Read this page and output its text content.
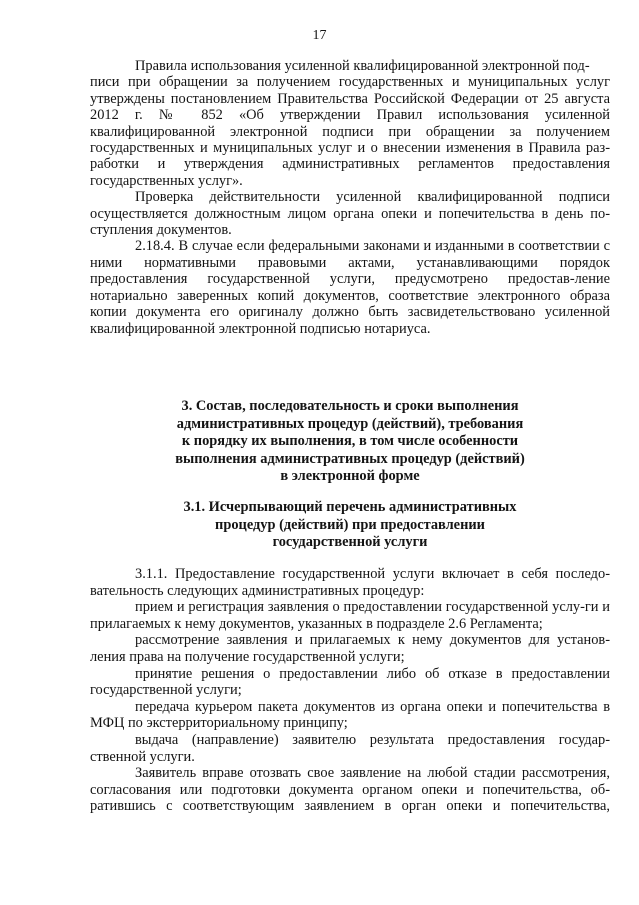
17

Правила использования усиленной квалифицированной электронной под-

писи при обращении за получением государственных и муниципальных услуг утверждены постановлением Правительства Российской Федерации от 25 августа 2012 г. № 852 «Об утверждении Правил использования усиленной квалифицированной электронной подписи при обращении за получением государственных и муниципальных услуг и о внесении изменения в Правила раз-работки и утверждения административных регламентов предоставления государственных услуг».

Проверка действительности усиленной квалифицированной подписи осуществляется должностным лицом органа опеки и попечительства в день по-ступления документов.

2.18.4. В случае если федеральными законами и изданными в соответствии с ними нормативными правовыми актами, устанавливающими порядок предоставления государственной услуги, предусмотрено предостав-ление нотариально заверенных копий документов, соответствие электронного образа копии документа его оригиналу должно быть засвидетельствовано усиленной квалифицированной электронной подписью нотариуса.

3. Состав, последовательность и сроки выполнения
административных процедур (действий), требования
к порядку их выполнения, в том числе особенности
выполнения административных процедур (действий)
в электронной форме
3.1. Исчерпывающий перечень административных
процедур (действий) при предоставлении
государственной услуги

3.1.1. Предоставление государственной услуги включает в себя последо-вательность следующих административных процедур:

прием и регистрация заявления о предоставлении государственной услу-ги и прилагаемых к нему документов, указанных в подразделе 2.6 Регламента;

рассмотрение заявления и прилагаемых к нему документов для установ-ления права на получение государственной услуги;

принятие решения о предоставлении либо об отказе в предоставлении государственной услуги;

передача курьером пакета документов из органа опеки и попечительства в МФЦ по экстерриториальному принципу;

выдача (направление) заявителю результата предоставления государ-ственной услуги.

Заявитель вправе отозвать свое заявление на любой стадии рассмотрения, согласования или подготовки документа органом опеки и попечительства, об-ратившись с соответствующим заявлением в орган опеки и попечительства,
